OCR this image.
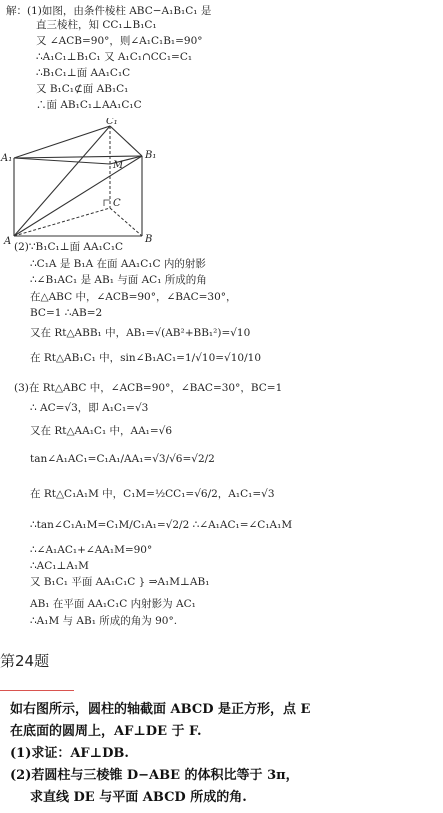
解：(1)如图，由条件棱柱 ABC−A₁B₁C₁ 是
直三棱柱，知 CC₁⊥B₁C₁
又 ∠ACB=90°，则∠A₁C₁B₁=90°
∴A₁C₁⊥B₁C₁ 又 A₁C₁∩CC₁=C₁
∴B₁C₁⊥面 AA₁C₁C
又 B₁C₁⊄面 AB₁C₁
∴面 AB₁C₁⊥AA₁C₁C
A₁
C₁
B₁
M
C
A	B
(2)∵B₁C₁⊥面 AA₁C₁C
∴C₁A 是 B₁A 在面 AA₁C₁C 内的射影
∴∠B₁AC₁ 是 AB₁ 与面 AC₁ 所成的角
在△ABC 中，∠ACB=90°，∠BAC=30°，
BC=1 ∴AB=2
又在 Rt△ABB₁ 中，AB₁=√(AB²+BB₁²)=√10
在 Rt△AB₁C₁ 中，sin∠B₁AC₁=1/√10=√10/10
(3)在 Rt△ABC 中，∠ACB=90°，∠BAC=30°，BC=1
∴ AC=√3，即 A₁C₁=√3
又在 Rt△AA₁C₁ 中，AA₁=√6
tan∠A₁AC₁=C₁A₁/AA₁=√3/√6=√2/2
在 Rt△C₁A₁M 中，C₁M=½CC₁=√6/2，A₁C₁=√3
∴tan∠C₁A₁M=C₁M/C₁A₁=√2/2 ∴∠A₁AC₁=∠C₁A₁M
∴∠A₁AC₁+∠AA₁M=90°
∴AC₁⊥A₁M
又 B₁C₁ 平面 AA₁C₁C } ⇒A₁M⊥AB₁
AB₁ 在平面 AA₁C₁C 内射影为 AC₁
∴A₁M 与 AB₁ 所成的角为 90°.
第24题
如右图所示，圆柱的轴截面 ABCD 是正方形，点 E
在底面的圆周上，AF⊥DE 于 F.
(1)求证：AF⊥DB.
(2)若圆柱与三棱锥 D−ABE 的体积比等于 3π，
求直线 DE 与平面 ABCD 所成的角.
